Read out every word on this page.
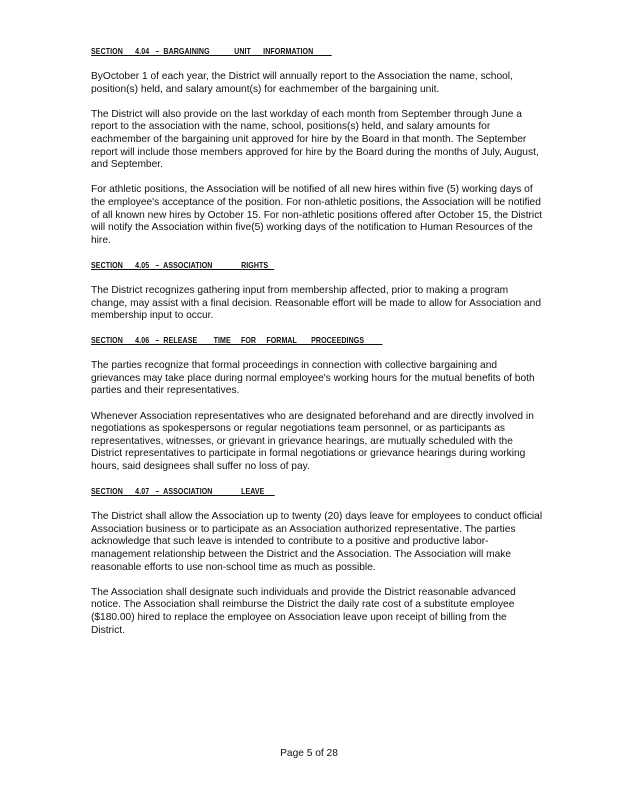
SECTION      4.04   –  BARGAINING            UNIT      INFORMATION

ByOctober 1 of each year, the District will annually report to the Association the name, school, position(s) held, and salary amount(s) for eachmember of the bargaining unit.

The District will also provide on the last workday of each month from September through June a report to the association with the name, school, positions(s) held, and salary amounts for eachmember of the bargaining unit approved for hire by the Board in that month. The September report will include those members approved for hire by the Board during the months of July, August, and September.

For athletic positions, the Association will be notified of all new hires within five (5) working days of the employee's acceptance of the position. For non-athletic positions, the Association will be notified of all known new hires by October 15. For non-athletic positions offered after October 15, the District will notify the Association within five(5) working days of the notification to Human Resources of the hire.

SECTION      4.05   –  ASSOCIATION              RIGHTS

The District recognizes gathering input from membership affected, prior to making a program change, may assist with a final decision. Reasonable effort will be made to allow for Association and membership input to occur.

SECTION      4.06   –  RELEASE        TIME     FOR     FORMAL       PROCEEDINGS

The parties recognize that formal proceedings in connection with collective bargaining and grievances may take place during normal employee's working hours for the mutual benefits of both parties and their representatives.

Whenever Association representatives who are designated beforehand and are directly involved in negotiations as spokespersons or regular negotiations team personnel, or as participants as representatives, witnesses, or grievant in grievance hearings, are mutually scheduled with the District representatives to participate in formal negotiations or grievance hearings during working hours, said designees shall suffer no loss of pay.

SECTION      4.07   –  ASSOCIATION              LEAVE

The District shall allow the Association up to twenty (20) days leave for employees to conduct official Association business or to participate as an Association authorized representative. The parties acknowledge that such leave is intended to contribute to a positive and productive labor-management relationship between the District and the Association. The Association will make reasonable efforts to use non-school time as much as possible.

The Association shall designate such individuals and provide the District reasonable advanced notice. The Association shall reimburse the District the daily rate cost of a substitute employee ($180.00) hired to replace the employee on Association leave upon receipt of billing from the District.

Page 5 of 28
